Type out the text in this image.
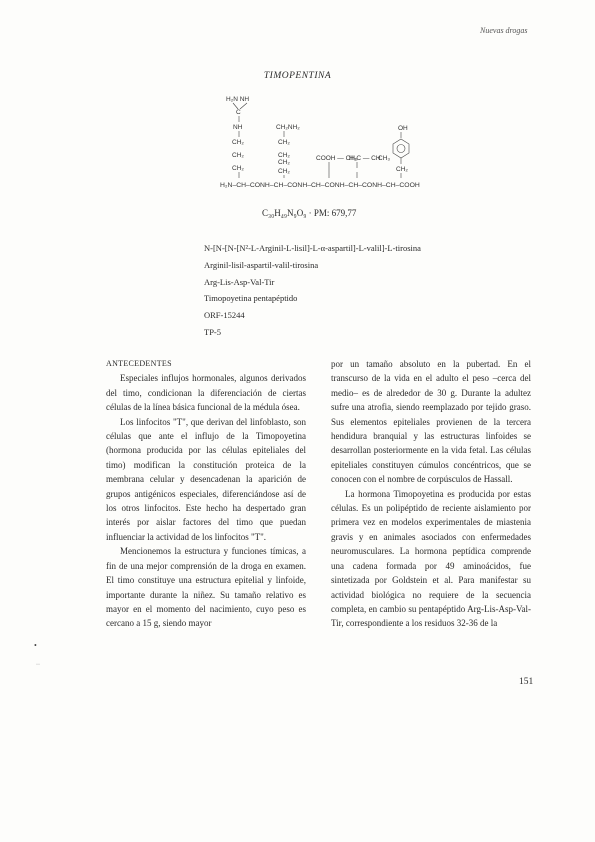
Nuevas drogas
TIMOPENTINA
H₂N NH
C
NH
CH₂
CH₂
CH₂
CH₂NH₂
CH₂
CH₂
CH₂
CH₂
COOH — CH₂
H₃C — CH
CH₃
OH
CH₂
H₂N–CH–CONH–CH–CONH–CH–CONH–CH–CONH–CH–COOH
C₃₀H₄₉N₉O₉ · PM: 679,77
N-[N-[N-[N²-L-Arginil-L-lisil]-L-α-aspartil]-L-valil]-L-tirosina
Arginil-lisil-aspartil-valil-tirosina
Arg-Lis-Asp-Val-Tir
Timopoyetina pentapéptido
ORF-15244
TP-5

ANTECEDENTES

Especiales influjos hormonales, algunos derivados del timo, condicionan la diferenciación de ciertas células de la línea básica funcional de la médula ósea.

Los linfocitos "T", que derivan del linfoblasto, son células que ante el influjo de la Timopoyetina (hormona producida por las células epiteliales del timo) modifican la constitución proteica de la membrana celular y desencadenan la aparición de grupos antigénicos especiales, diferenciándose así de los otros linfocitos. Este hecho ha despertado gran interés por aislar factores del timo que puedan influenciar la actividad de los linfocitos "T".

Mencionemos la estructura y funciones tímicas, a fin de una mejor comprensión de la droga en examen. El timo constituye una estructura epitelial y linfoide, importante durante la niñez. Su tamaño relativo es mayor en el momento del nacimiento, cuyo peso es cercano a 15 g, siendo mayor

por un tamaño absoluto en la pubertad. En el transcurso de la vida en el adulto el peso –cerca del medio– es de alrededor de 30 g. Durante la adultez sufre una atrofia, siendo reemplazado por tejido graso. Sus elementos epiteliales provienen de la tercera hendidura branquial y las estructuras linfoides se desarrollan posteriormente en la vida fetal. Las células epiteliales constituyen cúmulos concéntricos, que se conocen con el nombre de corpúsculos de Hassall.

La hormona Timopoyetina es producida por estas células. Es un polipéptido de reciente aislamiento por primera vez en modelos experimentales de miastenia gravis y en animales asociados con enfermedades neuromusculares. La hormona peptídica comprende una cadena formada por 49 aminoácidos, fue sintetizada por Goldstein et al. Para manifestar su actividad biológica no requiere de la secuencia completa, en cambio su pentapéptido Arg-Lis-Asp-Val-Tir, correspondiente a los residuos 32-36 de la

•
··
151
